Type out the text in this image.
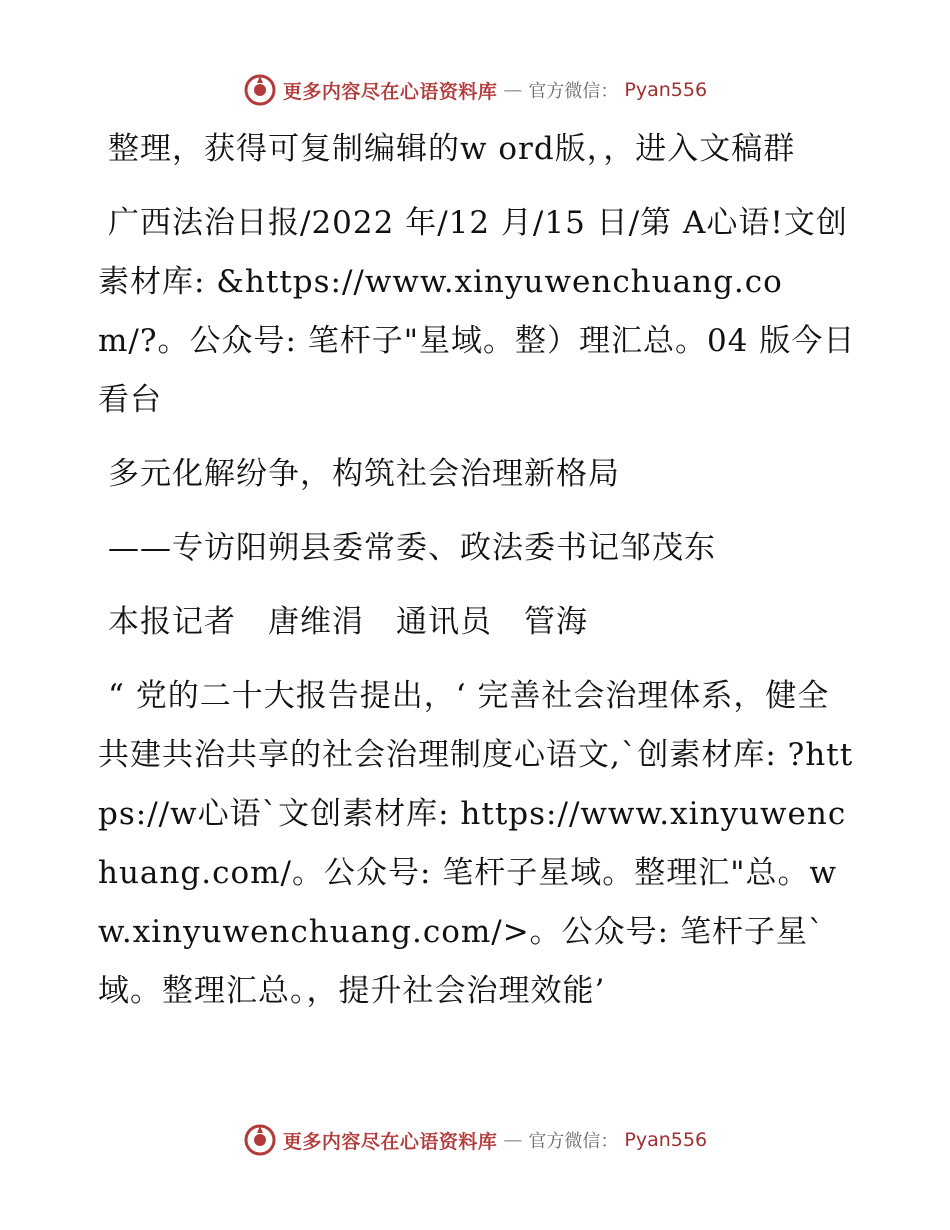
更多内容尽在心语资料库 — 官方微信： Pyan556

整理，获得可复制编辑的w ord版，，进入文稿群

广西法治日报/2022 年/12 月/15 日/第 A心语!文创素材库: &https://www.xinyuwenchuang.com/?。公众号: 笔杆子"星域。整）理汇总。04 版今日看台

多元化解纷争，构筑社会治理新格局

——专访阳朔县委常委、政法委书记邹茂东

本报记者　唐维涓　通讯员　管海

“ 党的二十大报告提出，‘ 完善社会治理体系，健全共建共治共享的社会治理制度心语文,`创素材库: ?https://w心语`文创素材库: https://www.xinyuwenchuang.com/。公众号: 笔杆子星域。整理汇"总。ww.xinyuwenchuang.com/>。公众号: 笔杆子星`域。整理汇总。，提升社会治理效能’

更多内容尽在心语资料库 — 官方微信： Pyan556
